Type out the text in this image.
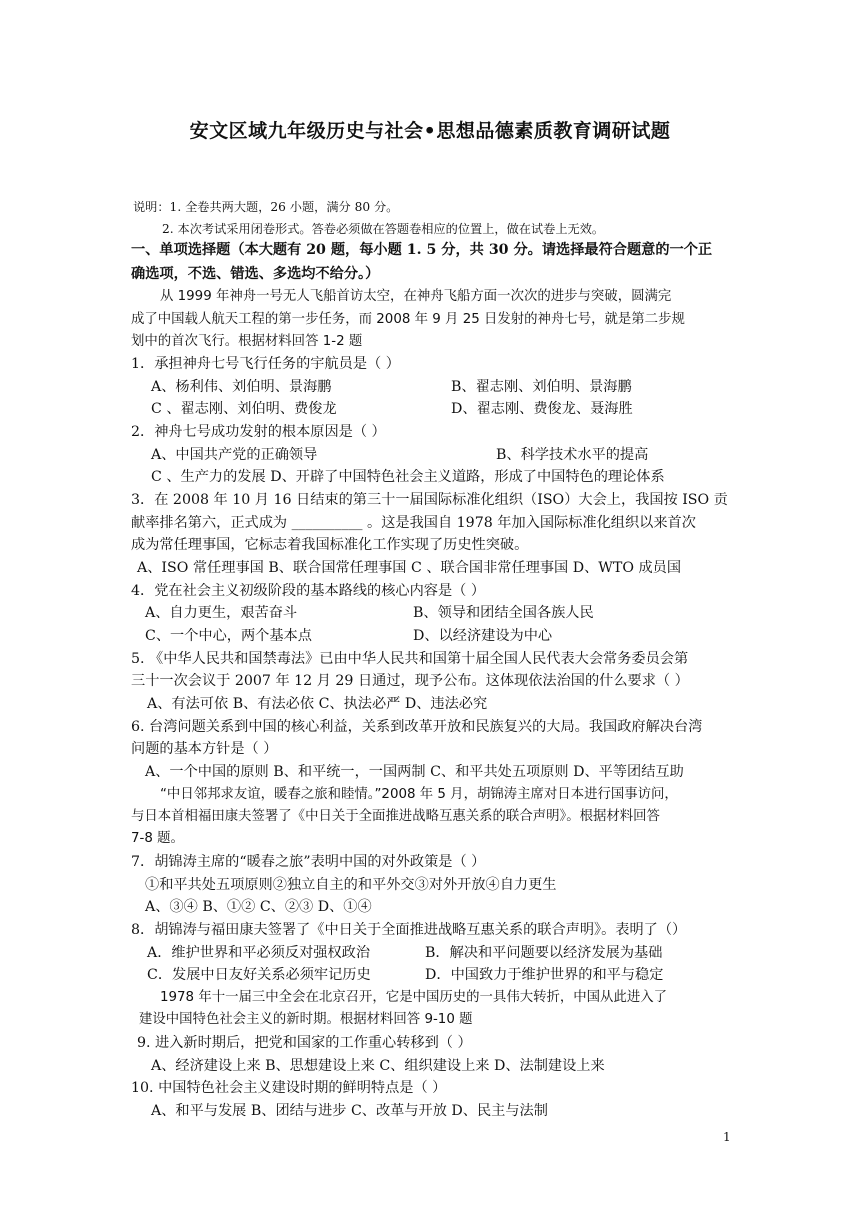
安文区域九年级历史与社会•思想品德素质教育调研试题
说明：1. 全卷共两大题，26 小题，满分 80 分。
2. 本次考试采用闭卷形式。答卷必须做在答题卷相应的位置上，做在试卷上无效。
一、单项选择题（本大题有 20 题，每小题 1. 5 分，共 30 分。请选择最符合题意的一个正
确选项，不选、错选、多选均不给分。）
从 1999 年神舟一号无人飞船首访太空，在神舟飞船方面一次次的进步与突破，圆满完
成了中国载人航天工程的第一步任务，而 2008 年 9 月 25 日发射的神舟七号，就是第二步规
划中的首次飞行。根据材料回答 1-2 题
1．承担神舟七号飞行任务的宇航员是（ ）
A、杨利伟、刘伯明、景海鹏	B、翟志刚、刘伯明、景海鹏
C 、翟志刚、刘伯明、费俊龙	D、翟志刚、费俊龙、聂海胜
2．神舟七号成功发射的根本原因是（ ）
A、中国共产党的正确领导	B、科学技术水平的提高
C 、生产力的发展 D、开辟了中国特色社会主义道路，形成了中国特色的理论体系
3．在 2008 年 10 月 16 日结束的第三十一届国际标准化组织（ISO）大会上，我国按 ISO 贡
献率排名第六，正式成为 __________ 。这是我国自 1978 年加入国际标准化组织以来首次
成为常任理事国，它标志着我国标准化工作实现了历史性突破。
A、ISO 常任理事国 B、联合国常任理事国 C 、联合国非常任理事国 D、WTO 成员国
4．党在社会主义初级阶段的基本路线的核心内容是（ ）
A、自力更生，艰苦奋斗	B、领导和团结全国各族人民
C、一个中心，两个基本点	D、以经济建设为中心
5. 《中华人民共和国禁毒法》已由中华人民共和国第十届全国人民代表大会常务委员会第
三十一次会议于 2007 年 12 月 29 日通过，现予公布。这体现依法治国的什么要求（ ）
A、有法可依 B、有法必依 C、执法必严 D、违法必究
6. 台湾问题关系到中国的核心利益，关系到改革开放和民族复兴的大局。我国政府解决台湾
问题的基本方针是（ ）
A、一个中国的原则 B、和平统一，一国两制 C、和平共处五项原则 D、平等团结互助
“中日邻邦求友谊，暖春之旅和睦情。”2008 年 5 月，胡锦涛主席对日本进行国事访问，
与日本首相福田康夫签署了《中日关于全面推进战略互惠关系的联合声明》。根据材料回答
7-8 题。
7．胡锦涛主席的“暖春之旅”表明中国的对外政策是（ ）
①和平共处五项原则②独立自主的和平外交③对外开放④自力更生
A、③④ B、①② C、②③ D、①④
8．胡锦涛与福田康夫签署了《中日关于全面推进战略互惠关系的联合声明》。表明了（）
A．维护世界和平必须反对强权政治	B．解决和平问题要以经济发展为基础
C．发展中日友好关系必须牢记历史	D．中国致力于维护世界的和平与稳定
1978 年十一届三中全会在北京召开，它是中国历史的一具伟大转折，中国从此进入了
建设中国特色社会主义的新时期。根据材料回答 9-10 题
9. 进入新时期后，把党和国家的工作重心转移到（ ）
A、经济建设上来 B、思想建设上来 C、组织建设上来 D、法制建设上来
10. 中国特色社会主义建设时期的鲜明特点是（ ）
A、和平与发展 B、团结与进步 C、改革与开放 D、民主与法制
1
